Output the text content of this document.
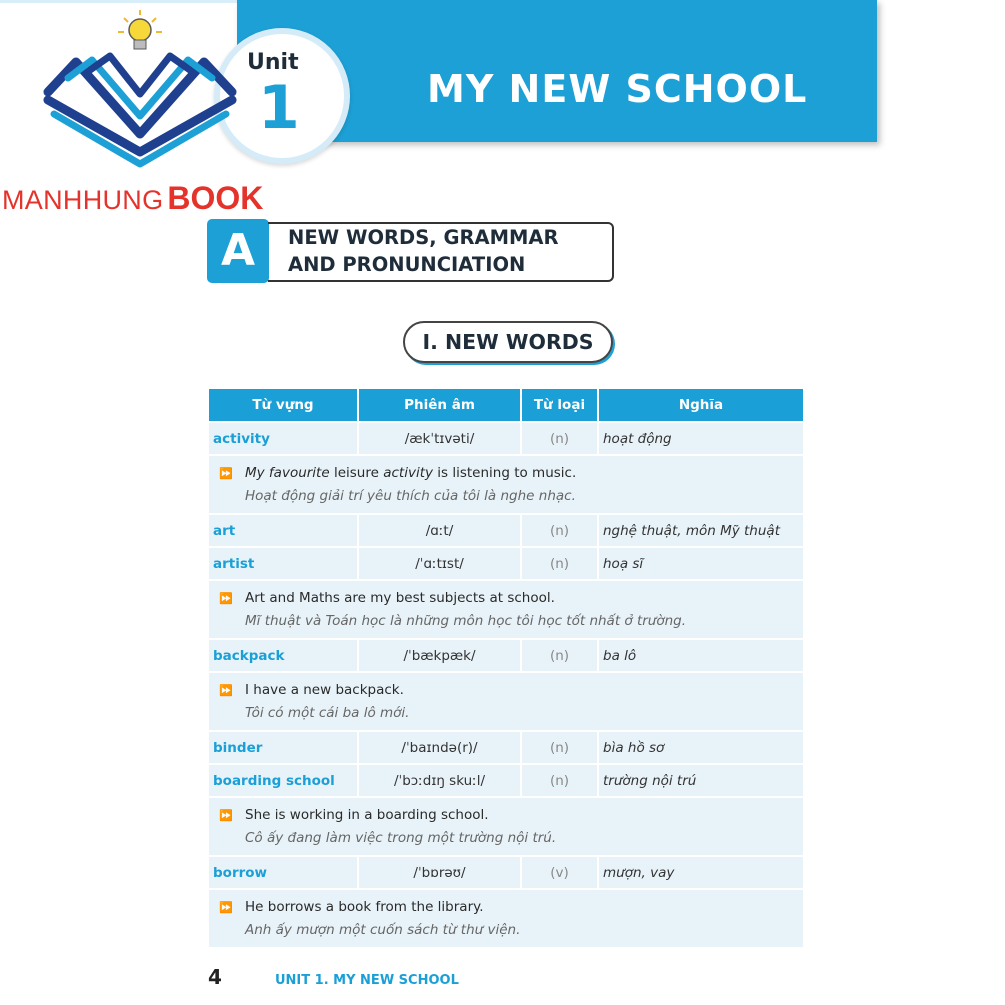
MY NEW SCHOOL
Unit
1
MANHHUNG BOOK
A	NEW WORDS, GRAMMAR
AND PRONUNCIATION
I. NEW WORDS
Từ vựng	Phiên âm	Từ loại	Nghĩa
activity	/ækˈtɪvəti/	(n)	hoạt động

⏩ My favourite leisure activity is listening to music.
Hoạt động giải trí yêu thích của tôi là nghe nhạc.			

art	/ɑːt/	(n)	nghệ thuật, môn Mỹ thuật
artist	/ˈɑːtɪst/	(n)	hoạ sĩ

⏩ Art and Maths are my best subjects at school.
Mĩ thuật và Toán học là những môn học tôi học tốt nhất ở trường.			

backpack	/ˈbækpæk/	(n)	ba lô

⏩ I have a new backpack.
Tôi có một cái ba lô mới.			

binder	/ˈbaɪndə(r)/	(n)	bìa hồ sơ
boarding school	/ˈbɔːdɪŋ skuːl/	(n)	trường nội trú

⏩ She is working in a boarding school.
Cô ấy đang làm việc trong một trường nội trú.			

borrow	/ˈbɒrəʊ/	(v)	mượn, vay

⏩ He borrows a book from the library.
Anh ấy mượn một cuốn sách từ thư viện.			
4	UNIT 1. MY NEW SCHOOL
